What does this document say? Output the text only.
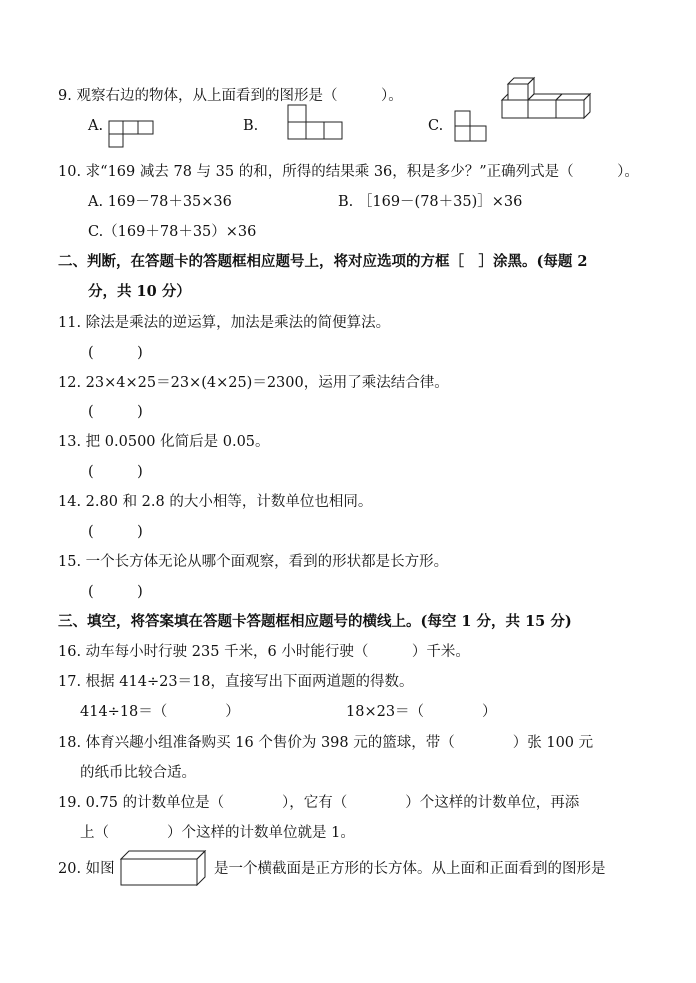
9. 观察右边的物体，从上面看到的图形是（　　　）。
A.	B.	C.
10. 求“169 减去 78 与 35 的和，所得的结果乘 36，积是多少？”正确列式是（　　　）。
A. 169－78＋35×36	B. ［169－(78＋35)］×36
C.（169＋78＋35）×36
二、判断，在答题卡的答题框相应题号上，将对应选项的方框［　］涂黑。(每题 2
分，共 10 分）
11. 除法是乘法的逆运算，加法是乘法的简便算法。
(　　　)
12. 23×4×25＝23×(4×25)＝2300，运用了乘法结合律。
(　　　)
13. 把 0.0500 化简后是 0.05。
(　　　)
14. 2.80 和 2.8 的大小相等，计数单位也相同。
(　　　)
15. 一个长方体无论从哪个面观察，看到的形状都是长方形。
(　　　)
三、填空，将答案填在答题卡答题框相应题号的横线上。(每空 1 分，共 15 分)
16. 动车每小时行驶 235 千米，6 小时能行驶（　　　）千米。
17. 根据 414÷23＝18，直接写出下面两道题的得数。
414÷18＝（　　　　）	18×23＝（　　　　）
18. 体育兴趣小组准备购买 16 个售价为 398 元的篮球，带（　　　　）张 100 元
的纸币比较合适。
19. 0.75 的计数单位是（　　　　），它有（　　　　）个这样的计数单位，再添
上（　　　　）个这样的计数单位就是 1。
20. 如图	是一个横截面是正方形的长方体。从上面和正面看到的图形是
